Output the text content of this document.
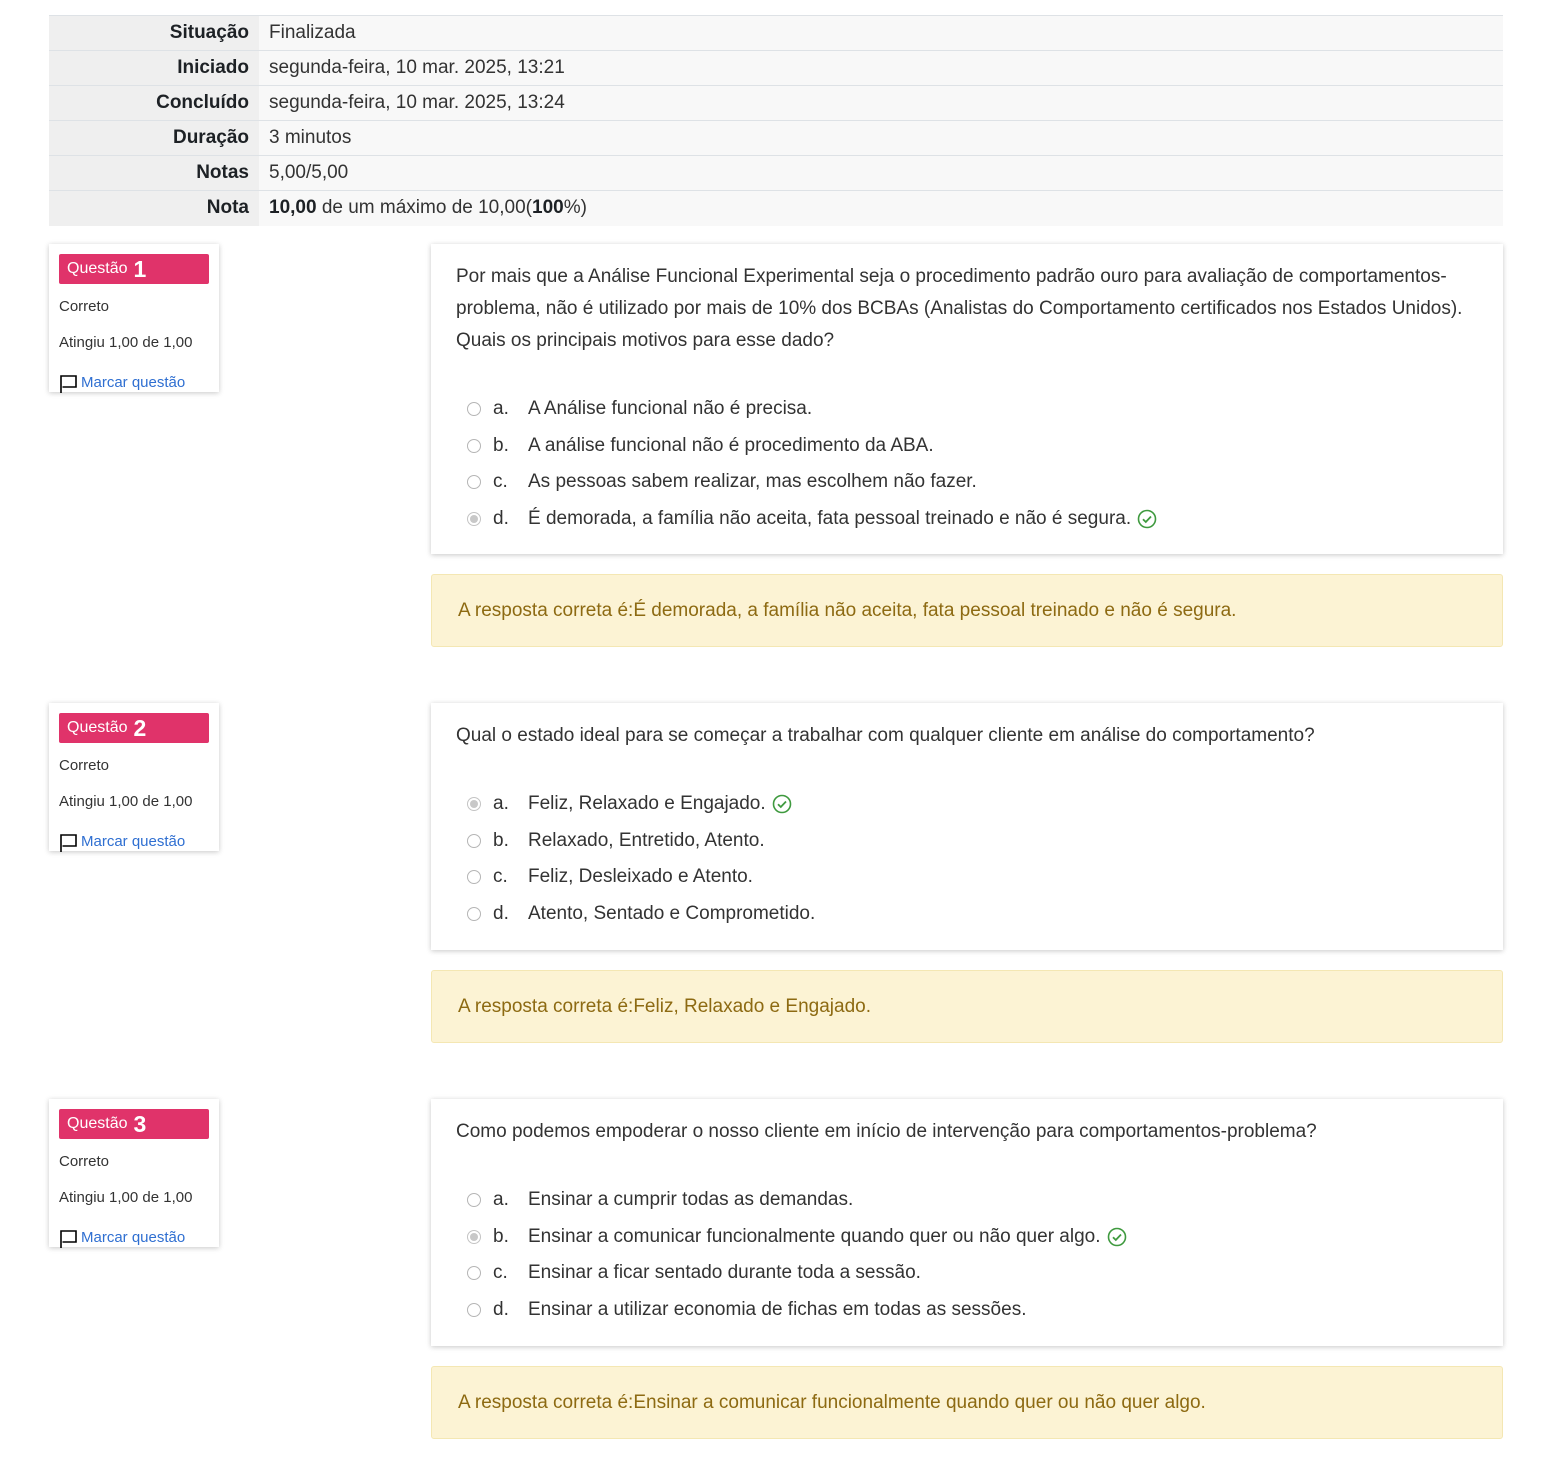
Situação	Finalizada
Iniciado	segunda-feira, 10 mar. 2025, 13:21
Concluído	segunda-feira, 10 mar. 2025, 13:24
Duração	3 minutos
Notas	5,00/5,00
Nota	10,00 de um máximo de 10,00(100%)
Questão 1
Correto
Atingiu 1,00 de 1,00
Marcar questão

Por mais que a Análise Funcional Experimental seja o procedimento padrão ouro para avaliação de comportamentos-problema, não é utilizado por mais de 10% dos BCBAs (Analistas do Comportamento certificados nos Estados Unidos). Quais os principais motivos para esse dado?

a.	A Análise funcional não é precisa.
b.	A análise funcional não é procedimento da ABA.
c.	As pessoas sabem realizar, mas escolhem não fazer.
d.	É demorada, a família não aceita, fata pessoal treinado e não é segura.
A resposta correta é: É demorada, a família não aceita, fata pessoal treinado e não é segura.
Questão 2
Correto
Atingiu 1,00 de 1,00
Marcar questão

Qual o estado ideal para se começar a trabalhar com qualquer cliente em análise do comportamento?

a.	Feliz, Relaxado e Engajado.
b.	Relaxado, Entretido, Atento.
c.	Feliz, Desleixado e Atento.
d.	Atento, Sentado e Comprometido.
A resposta correta é: Feliz, Relaxado e Engajado.
Questão 3
Correto
Atingiu 1,00 de 1,00
Marcar questão

Como podemos empoderar o nosso cliente em início de intervenção para comportamentos-problema?

a.	Ensinar a cumprir todas as demandas.
b.	Ensinar a comunicar funcionalmente quando quer ou não quer algo.
c.	Ensinar a ficar sentado durante toda a sessão.
d.	Ensinar a utilizar economia de fichas em todas as sessões.
A resposta correta é: Ensinar a comunicar funcionalmente quando quer ou não quer algo.
